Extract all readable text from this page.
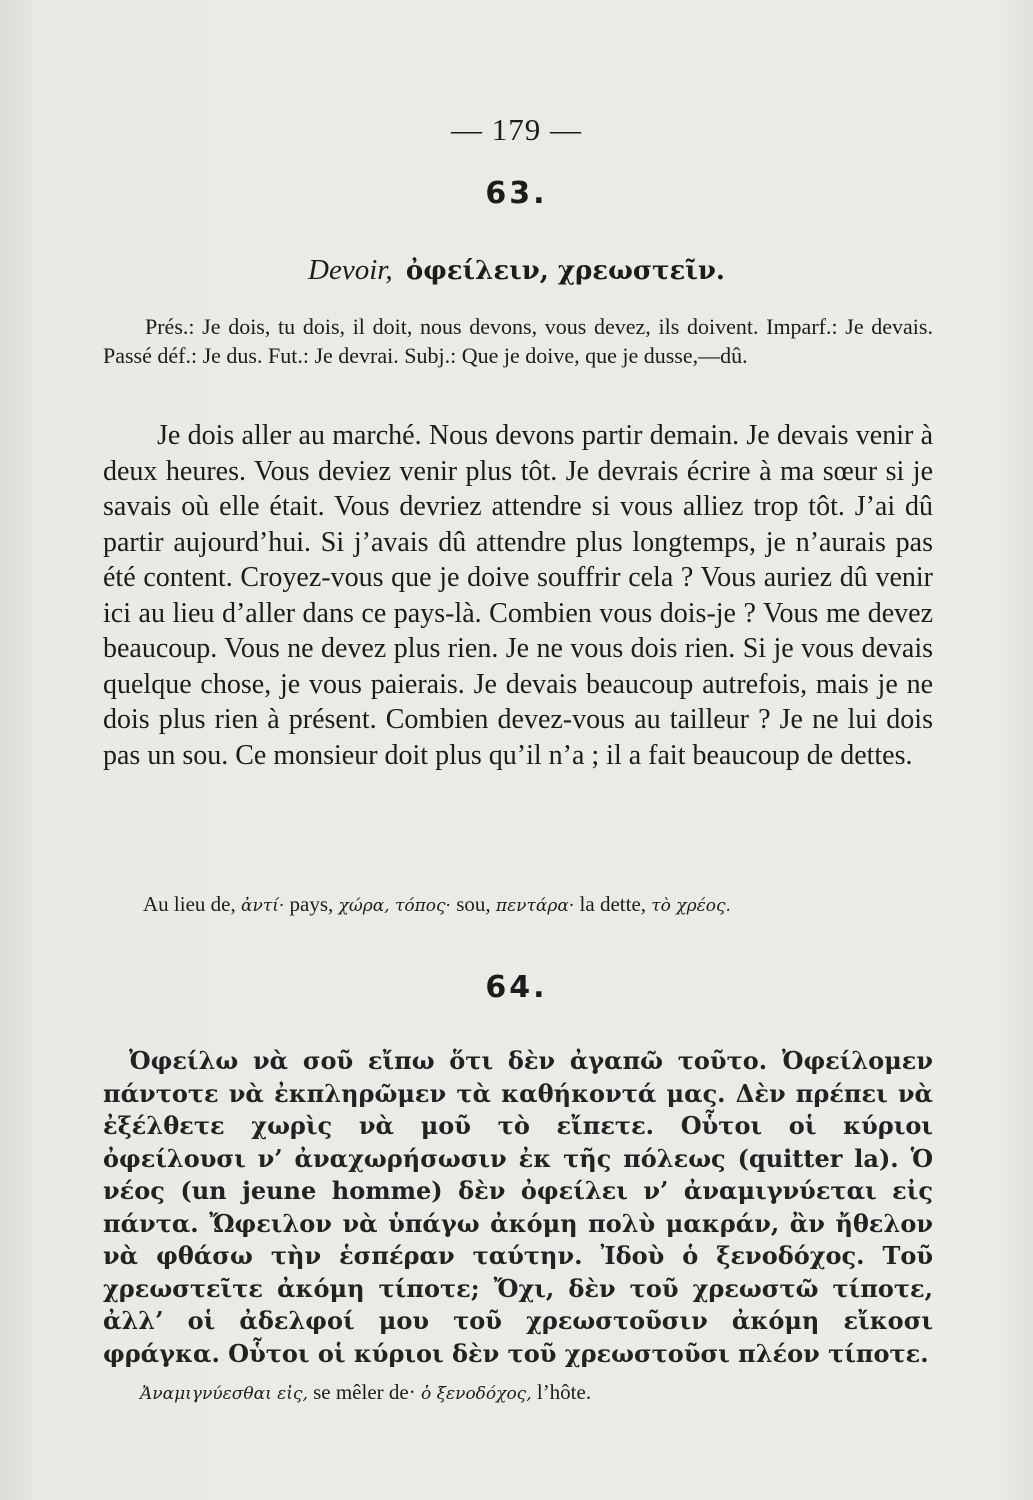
— 179 —

63.

Devoir, ὀφείλειν, χρεωστεῖν.

Prés.: Je dois, tu dois, il doit, nous devons, vous devez, ils doivent. Imparf.: Je devais. Passé déf.: Je dus. Fut.: Je devrai. Subj.: Que je doive, que je dusse,—dû.

Je dois aller au marché. Nous devons partir demain. Je devais venir à deux heures. Vous deviez venir plus tôt. Je devrais écrire à ma sœur si je savais où elle était. Vous devriez attendre si vous alliez trop tôt. J’ai dû partir aujourd’hui. Si j’avais dû attendre plus longtemps, je n’aurais pas été content. Croyez-vous que je doive souffrir cela ? Vous auriez dû venir ici au lieu d’aller dans ce pays-là. Combien vous dois-je ? Vous me devez beaucoup. Vous ne devez plus rien. Je ne vous dois rien. Si je vous devais quelque chose, je vous paierais. Je devais beaucoup autrefois, mais je ne dois plus rien à présent. Combien devez-vous au tailleur ? Je ne lui dois pas un sou. Ce monsieur doit plus qu’il n’a ; il a fait beaucoup de dettes.

Au lieu de, ἀντί· pays, χώρα, τόπος· sou, πεντάρα· la dette, τὸ χρέος.

64.

Ὀφείλω νὰ σοῦ εἴπω ὅτι δὲν ἀγαπῶ τοῦτο. Ὀφείλομεν πάντοτε νὰ ἐκπληρῶμεν τὰ καθήκοντά μας. Δὲν πρέπει νὰ ἐξέλθετε χωρὶς νὰ μοῦ τὸ εἴπετε. Οὗτοι οἱ κύριοι ὀφείλουσι ν’ ἀναχωρήσωσιν ἐκ τῆς πόλεως (quitter la). Ὁ νέος (un jeune homme) δὲν ὀφείλει ν’ ἀναμιγνύεται εἰς πάντα. Ὤφειλον νὰ ὑπάγω ἀκόμη πολὺ μακράν, ἂν ἤθελον νὰ φθάσω τὴν ἑσπέραν ταύτην. Ἰδοὺ ὁ ξενοδόχος. Τοῦ χρεωστεῖτε ἀκόμη τίποτε; Ὄχι, δὲν τοῦ χρεωστῶ τίποτε, ἀλλ’ οἱ ἀδελφοί μου τοῦ χρεωστοῦσιν ἀκόμη εἴκοσι φράγκα. Οὗτοι οἱ κύριοι δὲν τοῦ χρεωστοῦσι πλέον τίποτε.

Ἀναμιγνύεσθαι εἰς, se mêler de· ὁ ξενοδόχος, l’hôte.
